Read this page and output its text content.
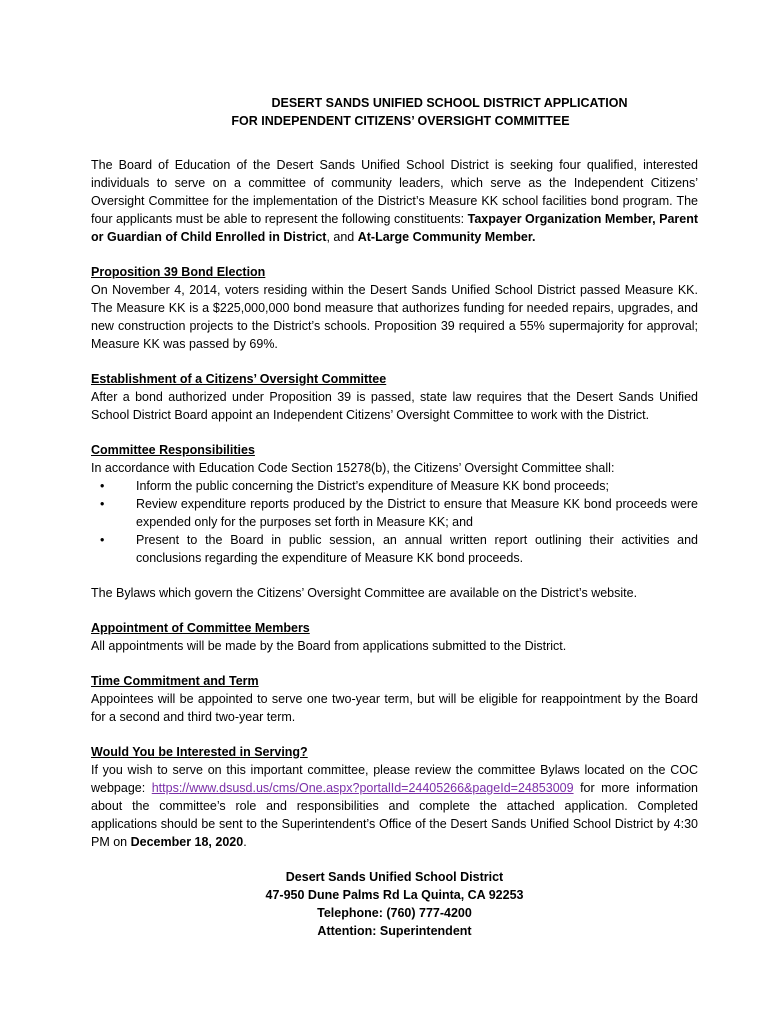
DESERT SANDS UNIFIED SCHOOL DISTRICT APPLICATION

FOR INDEPENDENT CITIZENS’ OVERSIGHT COMMITTEE

The Board of Education of the Desert Sands Unified School District is seeking four qualified, interested individuals to serve on a committee of community leaders, which serve as the Independent Citizens’ Oversight Committee for the implementation of the District’s Measure KK school facilities bond program. The four applicants must be able to represent the following constituents: Taxpayer Organization Member, Parent or Guardian of Child Enrolled in District, and At-Large Community Member.

Proposition 39 Bond Election

On November 4, 2014, voters residing within the Desert Sands Unified School District passed Measure KK. The Measure KK is a $225,000,000 bond measure that authorizes funding for needed repairs, upgrades, and new construction projects to the District’s schools. Proposition 39 required a 55% supermajority for approval; Measure KK was passed by 69%.

Establishment of a Citizens’ Oversight Committee

After a bond authorized under Proposition 39 is passed, state law requires that the Desert Sands Unified School District Board appoint an Independent Citizens’ Oversight Committee to work with the District.

Committee Responsibilities

In accordance with Education Code Section 15278(b), the Citizens’ Oversight Committee shall:

•	Inform the public concerning the District’s expenditure of Measure KK bond proceeds;
•	Review expenditure reports produced by the District to ensure that Measure KK bond proceeds were expended only for the purposes set forth in Measure KK; and
•	Present to the Board in public session, an annual written report outlining their activities and conclusions regarding the expenditure of Measure KK bond proceeds.

The Bylaws which govern the Citizens’ Oversight Committee are available on the District’s website.

Appointment of Committee Members

All appointments will be made by the Board from applications submitted to the District.

Time Commitment and Term

Appointees will be appointed to serve one two-year term, but will be eligible for reappointment by the Board for a second and third two-year term.

Would You be Interested in Serving?

If you wish to serve on this important committee, please review the committee Bylaws located on the COC webpage: https://www.dsusd.us/cms/One.aspx?portalId=24405266&pageId=24853009 for more information about the committee’s role and responsibilities and complete the attached application. Completed applications should be sent to the Superintendent’s Office of the Desert Sands Unified School District by 4:30 PM on December 18, 2020.

Desert Sands Unified School District

47-950 Dune Palms Rd La Quinta, CA 92253

Telephone: (760) 777-4200

Attention: Superintendent
